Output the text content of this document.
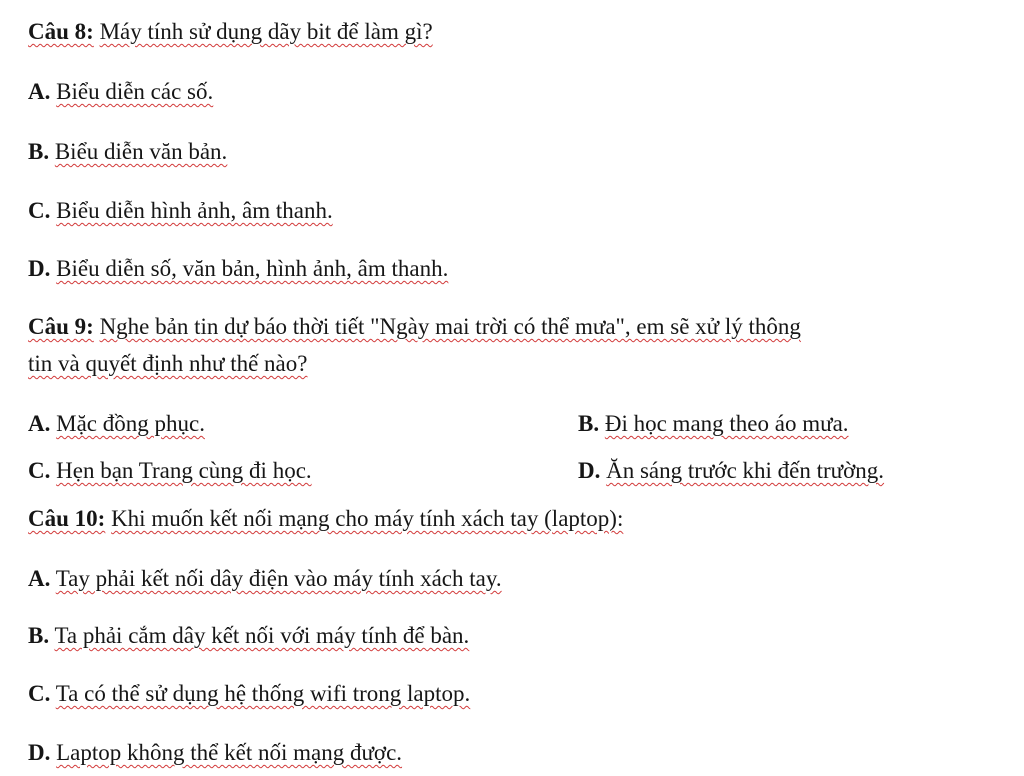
Câu 8: Máy tính sử dụng dãy bit để làm gì?
A. Biểu diễn các số.
B. Biểu diễn văn bản.
C. Biểu diễn hình ảnh, âm thanh.
D. Biểu diễn số, văn bản, hình ảnh, âm thanh.
Câu 9: Nghe bản tin dự báo thời tiết "Ngày mai trời có thể mưa", em sẽ xử lý thông
tin và quyết định như thế nào?
A. Mặc đồng phục.	B. Đi học mang theo áo mưa.
C. Hẹn bạn Trang cùng đi học.	D. Ăn sáng trước khi đến trường.
Câu 10: Khi muốn kết nối mạng cho máy tính xách tay (laptop):
A. Tay phải kết nối dây điện vào máy tính xách tay.
B. Ta phải cắm dây kết nối với máy tính để bàn.
C. Ta có thể sử dụng hệ thống wifi trong laptop.
D. Laptop không thể kết nối mạng được.
